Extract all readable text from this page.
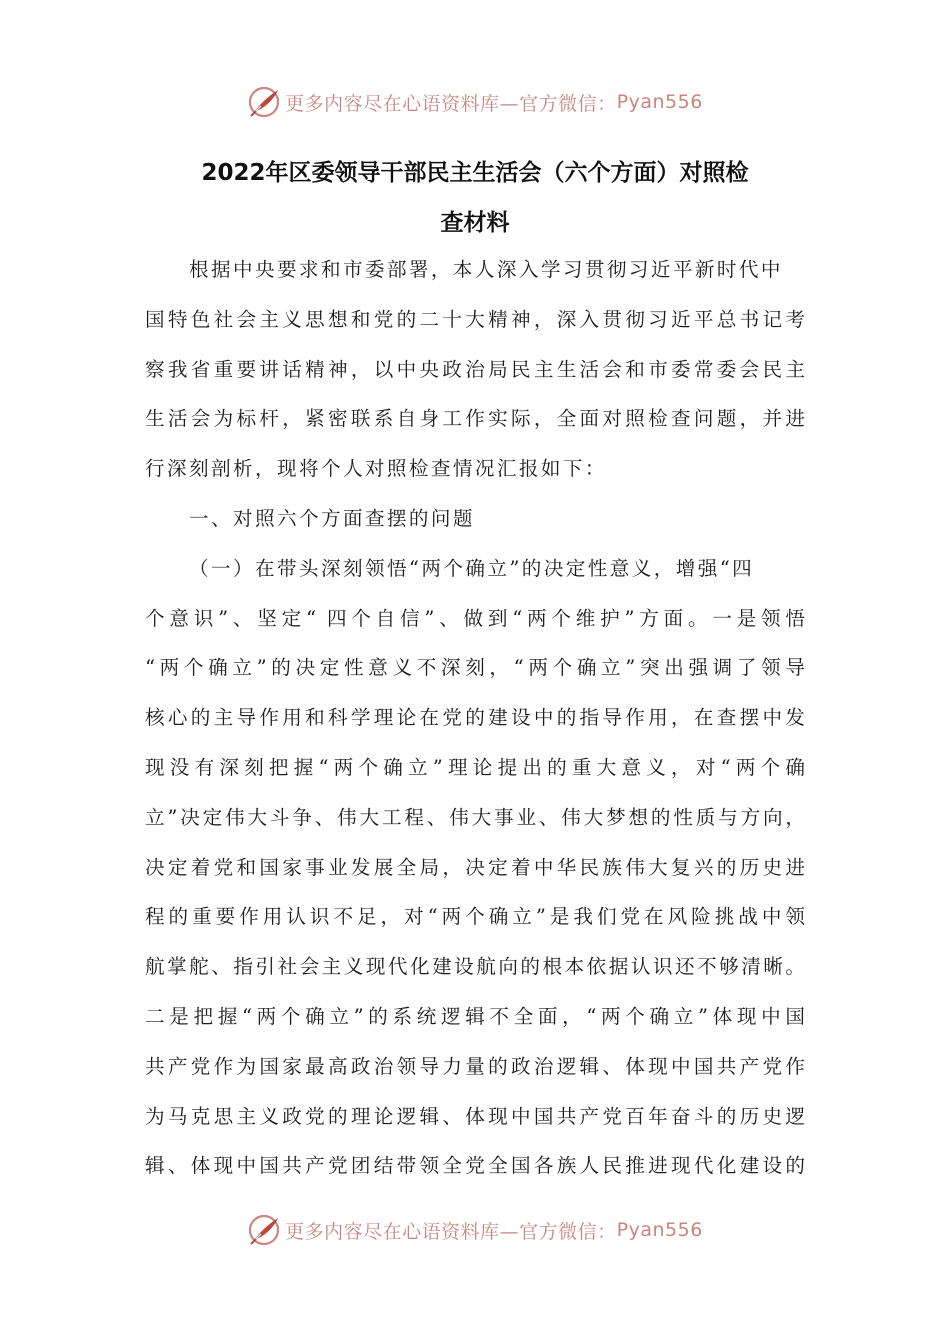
更多内容尽在心语资料库—官方微信： Pyan556
2022年区委领导干部民主生活会（六个方面）对照检
查材料
根据中央要求和市委部署，本人深入学习贯彻习近平新时代中
国特色社会主义思想和党的二十大精神，深入贯彻习近平总书记考
察我省重要讲话精神，以中央政治局民主生活会和市委常委会民主
生活会为标杆，紧密联系自身工作实际，全面对照检查问题，并进
行深刻剖析，现将个人对照检查情况汇报如下：
一、对照六个方面查摆的问题
（一）在带头深刻领悟“两个确立”的决定性意义，增强“四
个意识”、坚定“ 四个自信”、做到“两个维护”方面。一是领悟
“两个确立”的决定性意义不深刻，“两个确立”突出强调了领导
核心的主导作用和科学理论在党的建设中的指导作用，在查摆中发
现没有深刻把握“两个确立”理论提出的重大意义，对“两个确
立”决定伟大斗争、伟大工程、伟大事业、伟大梦想的性质与方向，
决定着党和国家事业发展全局，决定着中华民族伟大复兴的历史进
程的重要作用认识不足，对“两个确立”是我们党在风险挑战中领
航掌舵、指引社会主义现代化建设航向的根本依据认识还不够清晰。
二是把握“两个确立”的系统逻辑不全面，“两个确立”体现中国
共产党作为国家最高政治领导力量的政治逻辑、体现中国共产党作
为马克思主义政党的理论逻辑、体现中国共产党百年奋斗的历史逻
辑、体现中国共产党团结带领全党全国各族人民推进现代化建设的
更多内容尽在心语资料库—官方微信： Pyan556
